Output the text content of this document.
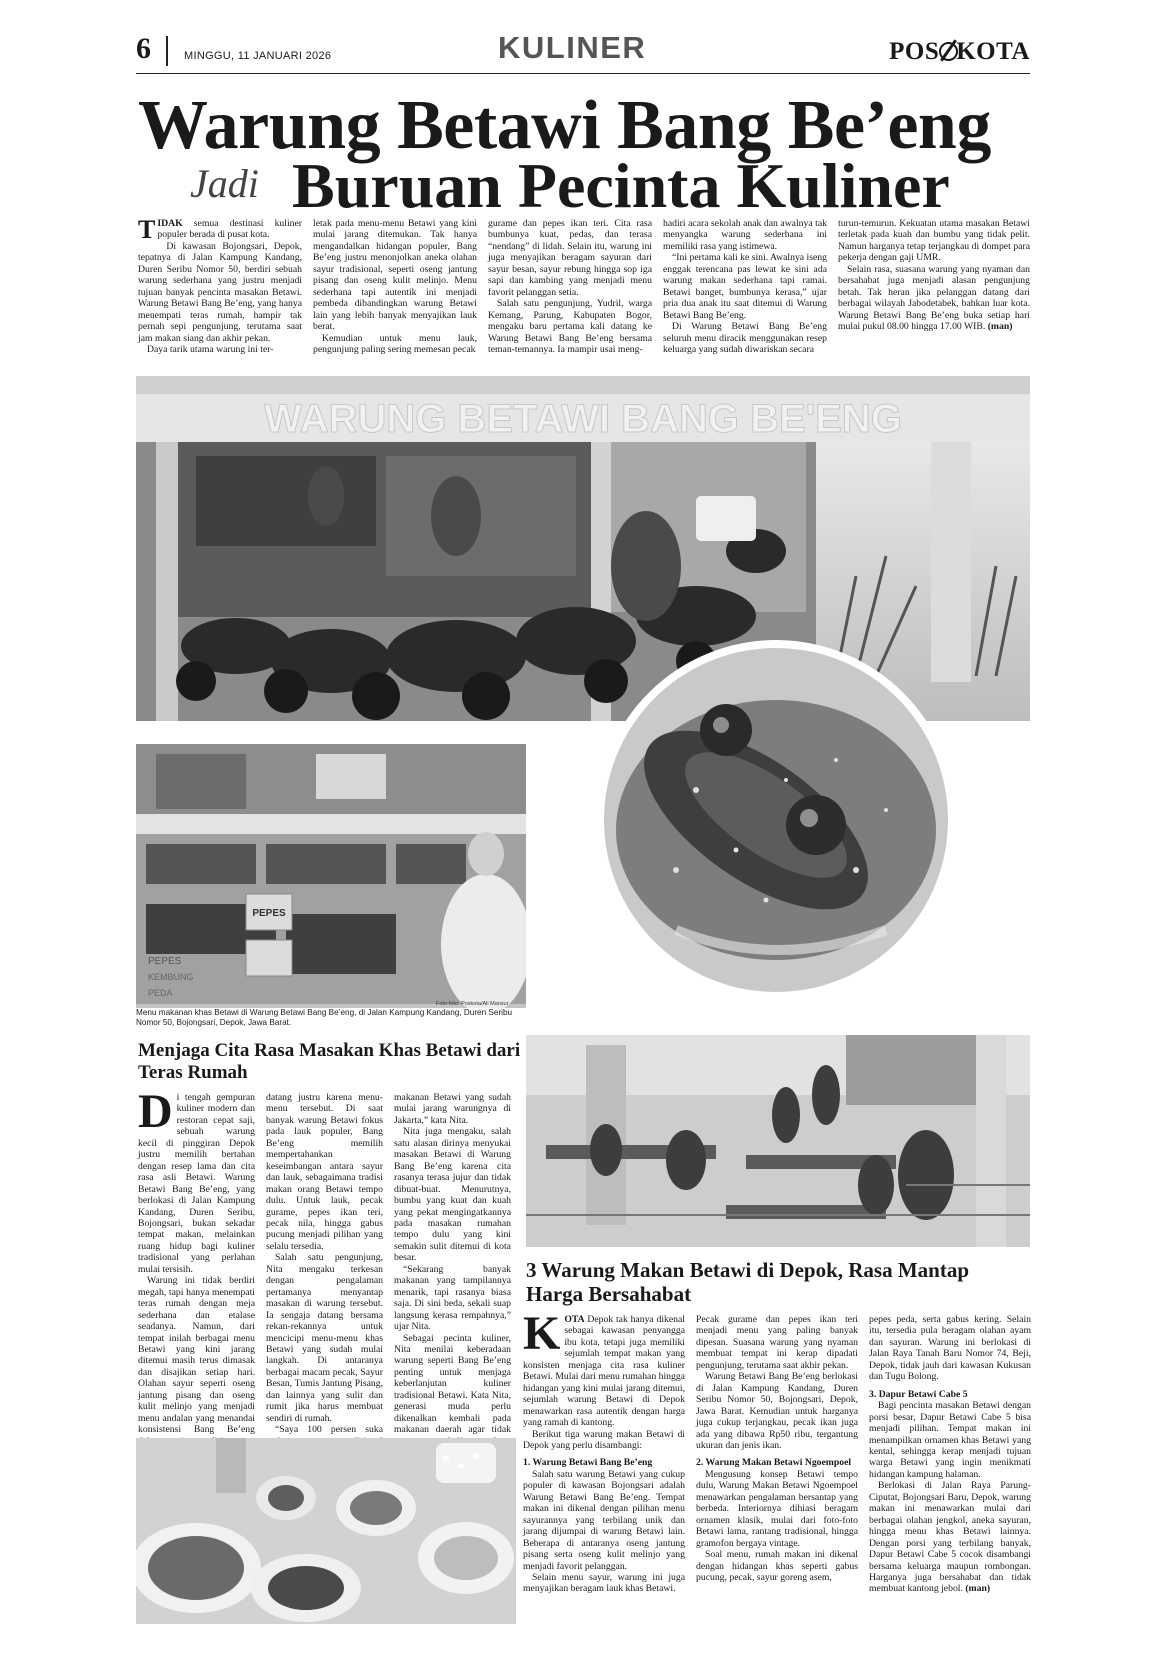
6	MINGGU, 11 JANUARI 2026	KULINER	POS KOTA
Warung Betawi Bang Be’eng
Jadi Buruan Pecinta Kuliner

TIDAK semua destinasi kuliner populer berada di pusat kota.

Di kawasan Bojongsari, Depok, tepatnya di Jalan Kampung Kandang, Duren Seribu Nomor 50, berdiri sebuah warung sederhana yang justru menjadi tujuan banyak pencinta masakan Betawi. Warung Betawi Bang Be’eng, yang hanya menempati teras rumah, hampir tak pernah sepi pengunjung, terutama saat jam makan siang dan akhir pekan.

Daya tarik utama warung ini ter-

letak pada menu-menu Betawi yang kini mulai jarang ditemukan. Tak hanya mengandalkan hidangan populer, Bang Be’eng justru menonjolkan aneka olahan sayur tradisional, seperti oseng jantung pisang dan oseng kulit melinjo. Menu sederhana tapi autentik ini menjadi pembeda dibandingkan warung Betawi lain yang lebih banyak menyajikan lauk berat.

Kemudian untuk menu lauk, pengunjung paling sering memesan pecak

gurame dan pepes ikan teri. Cita rasa bumbunya kuat, pedas, dan terasa “nendang” di lidah. Selain itu, warung ini juga menyajikan beragam sayuran dari sayur besan, sayur rebung hingga sop iga sapi dan kambing yang menjadi menu favorit pelanggan setia.

Salah satu pengunjung, Yudril, warga Kemang, Parung, Kabupaten Bogor, mengaku baru pertama kali datang ke Warung Betawi Bang Be’eng bersama teman-temannya. Ia mampir usai meng-

hadiri acara sekolah anak dan awalnya tak menyangka warung sederhana ini memiliki rasa yang istimewa.

“Ini pertama kali ke sini. Awalnya iseng enggak terencana pas lewat ke sini ada warung makan sederhana tapi ramai. Betawi banget, bumbunya kerasa,” ujar pria dua anak itu saat ditemui di Warung Betawi Bang Be’eng.

Di Warung Betawi Bang Be’eng seluruh menu diracik menggunakan resep keluarga yang sudah diwariskan secara

turun-temurun. Kekuatan utama masakan Betawi terletak pada kuah dan bumbu yang tidak pelit. Namun harganya tetap terjangkau di dompet para pekerja dengan gaji UMR.

Selain rasa, suasana warung yang nyaman dan bersahabat juga menjadi alasan pengunjung betah. Tak heran jika pelanggan datang dari berbagai wilayah Jabodetabek, bahkan luar kota. Warung Betawi Bang Be’eng buka setiap hari mulai pukul 08.00 hingga 17.00 WIB. (man)

WARUNG BETAWI BANG BE'ENG
PEPES
PEPES
KEMBUNG
PEDA
Foto-foto: Poskota/Ali Mansur
Menu makanan khas Betawi di Warung Betawi Bang Be’eng, di Jalan Kampung Kandang, Duren Seribu Nomor 50, Bojongsari, Depok, Jawa Barat.
Menjaga Cita Rasa Masakan Khas Betawi dari Teras Rumah

Di tengah gempuran kuliner modern dan restoran cepat saji, sebuah warung kecil di pinggiran Depok justru memilih bertahan dengan resep lama dan cita rasa asli Betawi. Warung Betawi Bang Be’eng, yang berlokasi di Jalan Kampung Kandang, Duren Seribu, Bojongsari, bukan sekadar tempat makan, melainkan ruang hidup bagi kuliner tradisional yang perlahan mulai tersisih.

Warung ini tidak berdiri megah, tapi hanya menempati teras rumah dengan meja sederhana dan etalase seadanya. Namun, dari tempat inilah berbagai menu Betawi yang kini jarang ditemui masih terus dimasak dan disajikan setiap hari. Olahan sayur seperti oseng jantung pisang dan oseng kulit melinjo yang menjadi menu andalan yang menandai konsistensi Bang Be’eng

datang justru karena menu-menu tersebut. Di saat banyak warung Betawi fokus pada lauk populer, Bang Be’eng memilih mempertahankan keseimbangan antara sayur dan lauk, sebagaimana tradisi makan orang Betawi tempo dulu. Untuk lauk, pecak gurame, pepes ikan teri, pecak nila, hingga gabus pucung menjadi pilihan yang selalu tersedia.

Salah satu pengunjung, Nita mengaku terkesan dengan pengalaman pertamanya menyantap masakan di warung tersebut. Ia sengaja datang bersama rekan-rekannya untuk mencicipi menu-menu khas Betawi yang sudah mulai langkah. Di antaranya berbagai macam pecak, Sayur Besan, Tumis Jantung Pisang, dan lainnya yang sulit dan rumit jika harus membuat sendiri di rumah.

“Saya 100 persen suka

makanan Betawi yang sudah mulai jarang warungnya di Jakarta,” kata Nita.

Nita juga mengaku, salah satu alasan dirinya menyukai masakan Betawi di Warung Bang Be’eng karena cita rasanya terasa jujur dan tidak dibuat-buat. Menurutnya, bumbu yang kuat dan kuah yang pekat mengingatkannya pada masakan rumahan tempo dulu yang kini semakin sulit ditemui di kota besar.

“Sekarang banyak makanan yang tampilannya menarik, tapi rasanya biasa saja. Di sini beda, sekali suap langsung kerasa rempahnya,” ujar Nita.

Sebagai pecinta kuliner, Nita menilai keberadaan warung seperti Bang Be’eng penting untuk menjaga keberlanjutan kuliner tradisional Betawi. Kata Nita, generasi muda perlu dikenalkan kembali pada makanan daerah agar tidak

3 Warung Makan Betawi di Depok, Rasa Mantap Harga Bersahabat

KOTA Depok tak hanya dikenal sebagai kawasan penyangga ibu kota, tetapi juga memiliki sejumlah tempat makan yang konsisten menjaga cita rasa kuliner Betawi. Mulai dari menu rumahan hingga hidangan yang kini mulai jarang ditemui, sejumlah warung Betawi di Depok menawarkan rasa autentik dengan harga yang ramah di kantong.

Berikut tiga warung makan Betawi di Depok yang perlu disambangi:

1. Warung Betawi Bang Be’eng

Salah satu warung Betawi yang cukup populer di kawasan Bojongsari adalah Warung Betawi Bang Be’eng. Tempat makan ini dikenal dengan pilihan menu sayurannya yang terbilang unik dan jarang dijumpai di warung Betawi lain. Beberapa di antaranya oseng jantung pisang serta oseng kulit melinjo yang menjadi favorit pelanggan.

Selain menu sayur, warung ini juga menyajikan beragam lauk khas Betawi.

Pecak gurame dan pepes ikan teri menjadi menu yang paling banyak dipesan. Suasana warung yang nyaman membuat tempat ini kerap dipadati pengunjung, terutama saat akhir pekan.

Warung Betawi Bang Be’eng berlokasi di Jalan Kampung Kandang, Duren Seribu Nomor 50, Bojongsari, Depok, Jawa Barat. Kemudian untuk harganya juga cukup terjangkau, pecak ikan juga ada yang dibawa Rp50 ribu, tergantung ukuran dan jenis ikan.

2. Warung Makan Betawi Ngoempoel

Mengusung konsep Betawi tempo dulu, Warung Makan Betawi Ngoempoel menawarkan pengalaman bersantap yang berbeda. Interiornya dihiasi beragam ornamen klasik, mulai dari foto-foto Betawi lama, rantang tradisional, hingga gramofon bergaya vintage.

Soal menu, rumah makan ini dikenal dengan hidangan khas seperti gabus pucung, pecak, sayur goreng asem,

pepes peda, serta gabus kering. Selain itu, tersedia pula beragam olahan ayam dan sayuran. Warung ini berlokasi di Jalan Raya Tanah Baru Nomor 74, Beji, Depok, tidak jauh dari kawasan Kukusan dan Tugu Bolong.

3. Dapur Betawi Cabe 5

Bagi pencinta masakan Betawi dengan porsi besar, Dapur Betawi Cabe 5 bisa menjadi pilihan. Tempat makan ini menampilkan ornamen khas Betawi yang kental, sehingga kerap menjadi tujuan warga Betawi yang ingin menikmati hidangan kampung halaman.

Berlokasi di Jalan Raya Parung-Ciputat, Bojongsari Baru, Depok, warung makan ini menawarkan mulai dari berbagai olahan jengkol, aneka sayuran, hingga menu khas Betawi lainnya. Dengan porsi yang terbilang banyak, Dapur Betawi Cabe 5 cocok disambangi bersama keluarga maupun rombongan. Harganya juga bersahabat dan tidak membuat kantong jebol. (man)
